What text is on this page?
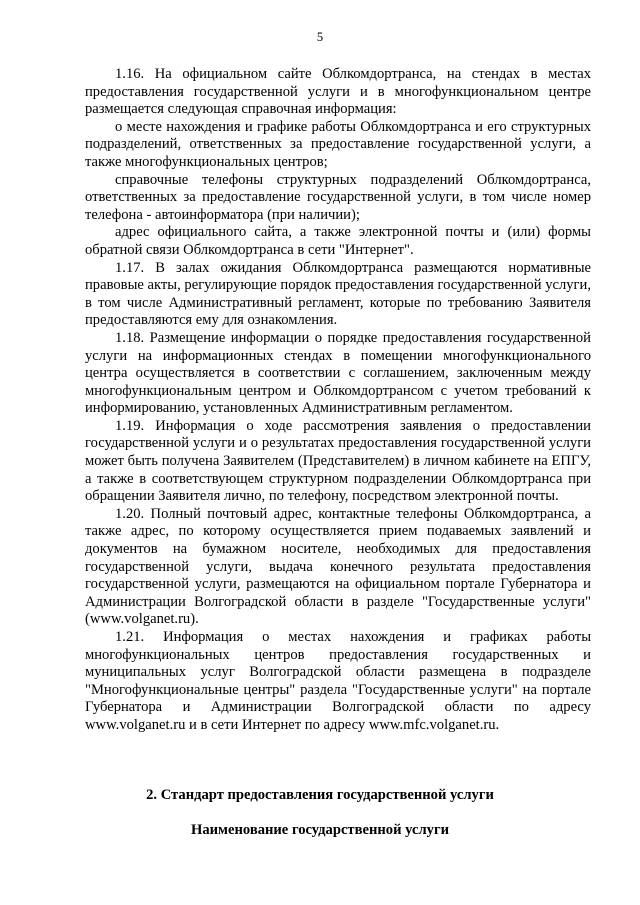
5

1.16. На официальном сайте Облкомдортранса, на стендах в местах предоставления государственной услуги и в многофункциональном центре размещается следующая справочная информация:

о месте нахождения и графике работы Облкомдортранса и его структурных подразделений, ответственных за предоставление государственной услуги, а также многофункциональных центров;

справочные телефоны структурных подразделений Облкомдортранса, ответственных за предоставление государственной услуги, в том числе номер телефона - автоинформатора (при наличии);

адрес официального сайта, а также электронной почты и (или) формы обратной связи Облкомдортранса в сети "Интернет".

1.17. В залах ожидания Облкомдортранса размещаются нормативные правовые акты, регулирующие порядок предоставления государственной услуги, в том числе Административный регламент, которые по требованию Заявителя предоставляются ему для ознакомления.

1.18. Размещение информации о порядке предоставления государственной услуги на информационных стендах в помещении многофункционального центра осуществляется в соответствии с соглашением, заключенным между многофункциональным центром и Облкомдортрансом с учетом требований к информированию, установленных Административным регламентом.

1.19. Информация о ходе рассмотрения заявления о предоставлении государственной услуги и о результатах предоставления государственной услуги может быть получена Заявителем (Представителем) в личном кабинете на ЕПГУ, а также в соответствующем структурном подразделении Облкомдортранса при обращении Заявителя лично, по телефону, посредством электронной почты.

1.20. Полный почтовый адрес, контактные телефоны Облкомдортранса, а также адрес, по которому осуществляется прием подаваемых заявлений и документов на бумажном носителе, необходимых для предоставления государственной услуги, выдача конечного результата предоставления государственной услуги, размещаются на официальном портале Губернатора и Администрации Волгоградской области в разделе "Государственные услуги" (www.volganet.ru).

1.21. Информация о местах нахождения и графиках работы многофункциональных центров предоставления государственных и муниципальных услуг Волгоградской области размещена в подразделе "Многофункциональные центры" раздела "Государственные услуги" на портале Губернатора и Администрации Волгоградской области по адресу www.volganet.ru и в сети Интернет по адресу www.mfc.volganet.ru.

2. Стандарт предоставления государственной услуги
Наименование государственной услуги
